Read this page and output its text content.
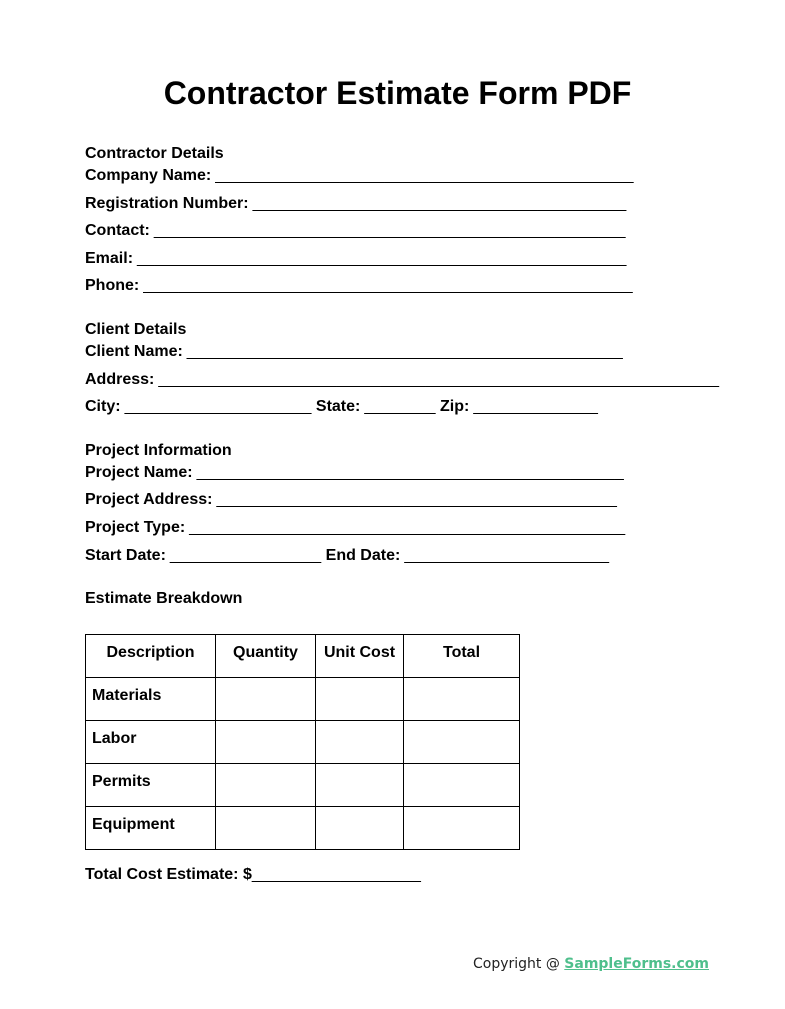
Contractor Estimate Form PDF
Contractor Details
Company Name: _______________________________________________
Registration Number: __________________________________________
Contact: _____________________________________________________
Email: _______________________________________________________
Phone: _______________________________________________________
Client Details
Client Name: _________________________________________________
Address: _______________________________________________________________
City: _____________________ State: ________ Zip: ______________
Project Information
Project Name: ________________________________________________
Project Address: _____________________________________________
Project Type: _________________________________________________
Start Date: _________________ End Date: _______________________
Estimate Breakdown
Description	Quantity	Unit Cost	Total
Materials			
Labor			
Permits			
Equipment			
Total Cost Estimate: $___________________
Copyright @ SampleForms.com
